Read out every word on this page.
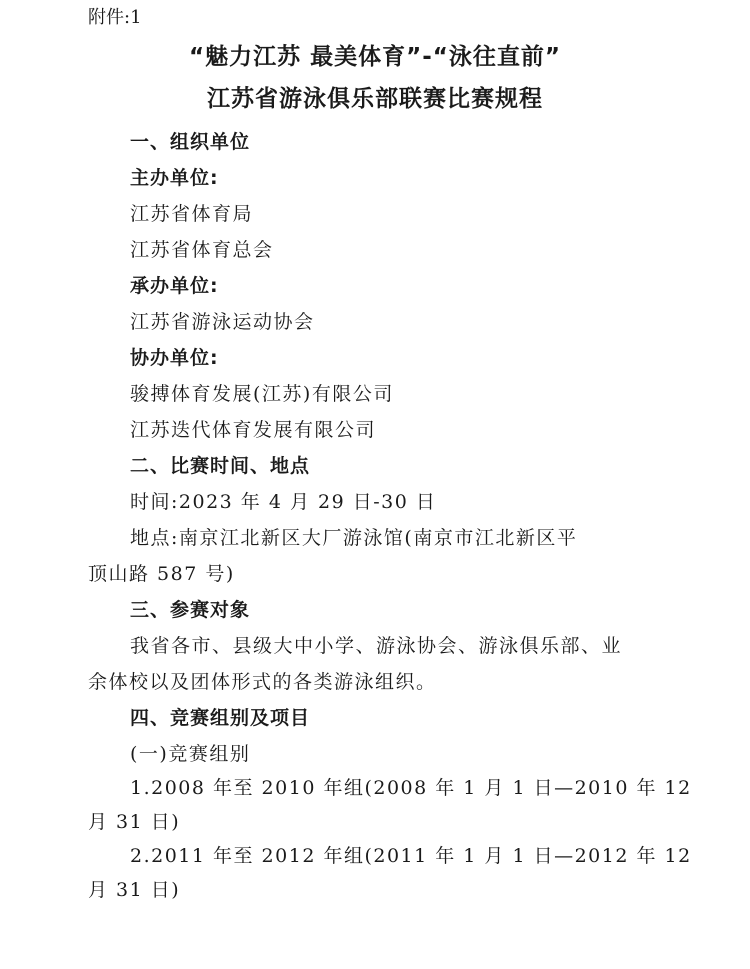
附件:1
“魅力江苏 最美体育”-“泳往直前”
江苏省游泳俱乐部联赛比赛规程
一、组织单位
主办单位:
江苏省体育局
江苏省体育总会
承办单位:
江苏省游泳运动协会
协办单位:
骏搏体育发展(江苏)有限公司
江苏迭代体育发展有限公司
二、比赛时间、地点
时间:2023 年 4 月 29 日-30 日
地点:南京江北新区大厂游泳馆(南京市江北新区平
顶山路 587 号)
三、参赛对象
我省各市、县级大中小学、游泳协会、游泳俱乐部、业
余体校以及团体形式的各类游泳组织。
四、竞赛组别及项目
(一)竞赛组别
1.2008 年至 2010 年组(2008 年 1 月 1 日—2010 年 12
月 31 日)
2.2011 年至 2012 年组(2011 年 1 月 1 日—2012 年 12
月 31 日)
